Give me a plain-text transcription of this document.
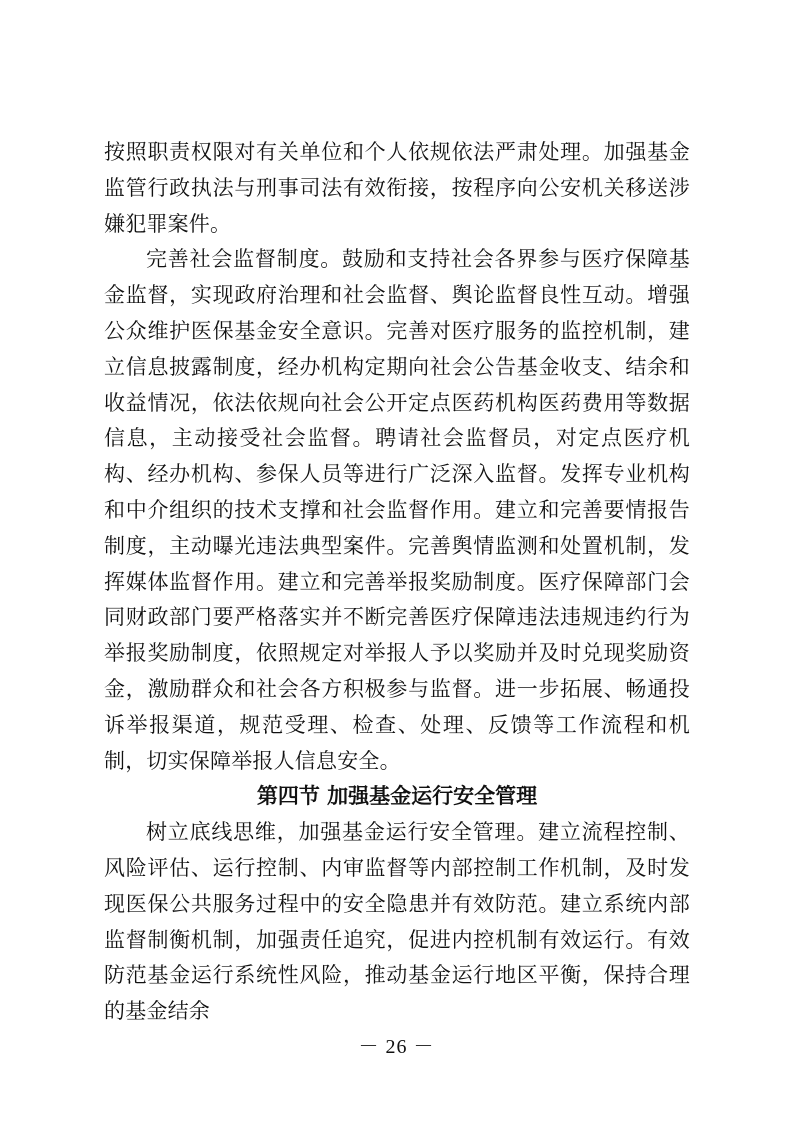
按照职责权限对有关单位和个人依规依法严肃处理。加强基金监管行政执法与刑事司法有效衔接，按程序向公安机关移送涉嫌犯罪案件。

完善社会监督制度。鼓励和支持社会各界参与医疗保障基金监督，实现政府治理和社会监督、舆论监督良性互动。增强公众维护医保基金安全意识。完善对医疗服务的监控机制，建立信息披露制度，经办机构定期向社会公告基金收支、结余和收益情况，依法依规向社会公开定点医药机构医药费用等数据信息，主动接受社会监督。聘请社会监督员，对定点医疗机构、经办机构、参保人员等进行广泛深入监督。发挥专业机构和中介组织的技术支撑和社会监督作用。建立和完善要情报告制度，主动曝光违法典型案件。完善舆情监测和处置机制，发挥媒体监督作用。建立和完善举报奖励制度。医疗保障部门会同财政部门要严格落实并不断完善医疗保障违法违规违约行为举报奖励制度，依照规定对举报人予以奖励并及时兑现奖励资金，激励群众和社会各方积极参与监督。进一步拓展、畅通投诉举报渠道，规范受理、检查、处理、反馈等工作流程和机制，切实保障举报人信息安全。

第四节 加强基金运行安全管理

树立底线思维，加强基金运行安全管理。建立流程控制、风险评估、运行控制、内审监督等内部控制工作机制，及时发现医保公共服务过程中的安全隐患并有效防范。建立系统内部监督制衡机制，加强责任追究，促进内控机制有效运行。有效防范基金运行系统性风险，推动基金运行地区平衡，保持合理的基金结余

－ 26 －
